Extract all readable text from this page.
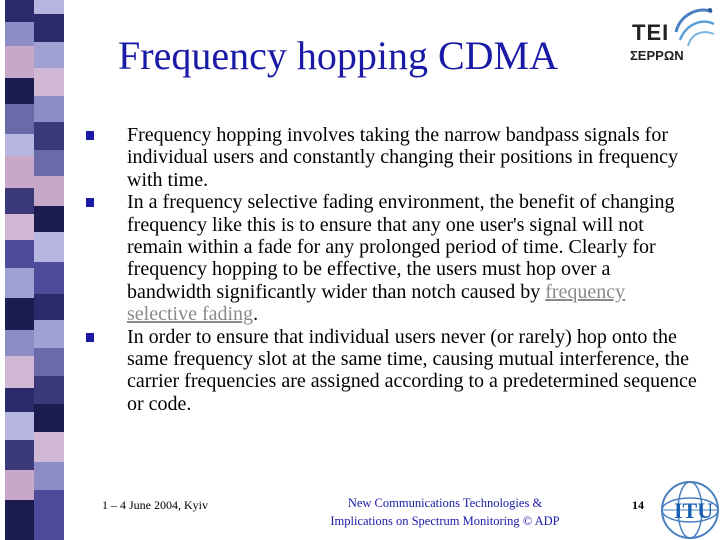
Frequency hopping CDMA
TEI
ΣΕΡΡΩΝ
Frequency hopping involves taking the narrow bandpass signals for individual users and constantly changing their positions in frequency with time.
In a frequency selective fading environment, the benefit of changing frequency like this is to ensure that any one user's signal will not remain within a fade for any prolonged period of time. Clearly for frequency hopping to be effective, the users must hop over a bandwidth significantly wider than notch caused by frequency selective fading.
In order to ensure that individual users never (or rarely) hop onto the same frequency slot at the same time, causing mutual interference, the carrier frequencies are assigned according to a predetermined sequence or code.
1 – 4 June 2004, Kyiv	New Communications Technologies &
Implications on Spectrum Monitoring © ADP
14 ITU
